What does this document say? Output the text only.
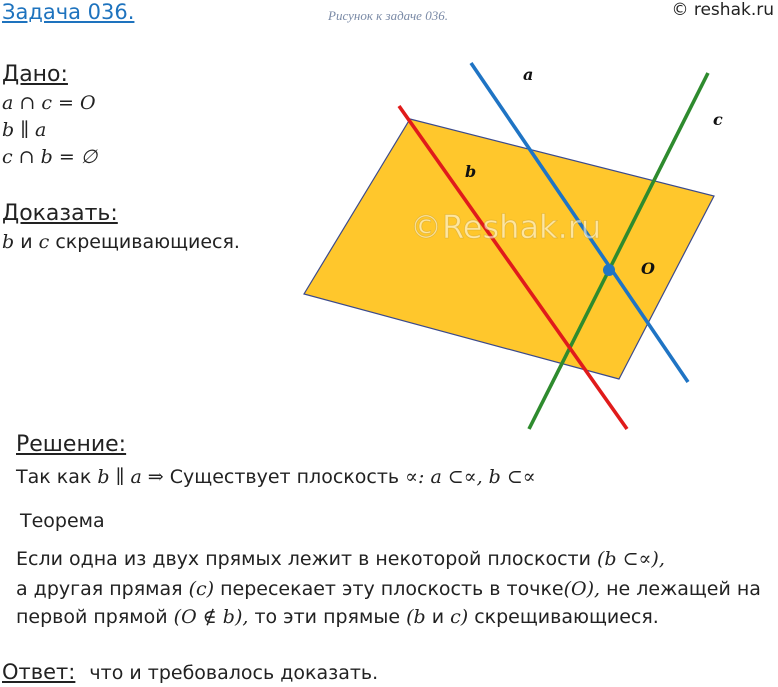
Задача 036.	Рисунок к задаче 036.	© reshak.ru
Дано:
a ∩ c = O
b ∥ a
c ∩ b = ∅
Доказать:
b и c скрещивающиеся.
a
b
c
O
©Reshak.ru
Решение:
Так как b ∥ a ⇒ Существует плоскость ∝: a ⊂∝, b ⊂∝
Теорема
Если одна из двух прямых лежит в некоторой плоскости (b ⊂∝),
а другая прямая (c) пересекает эту плоскость в точке(O), не лежащей на
первой прямой (O ∉ b), то эти прямые (b и c) скрещивающиеся.
Ответ: что и требовалось доказать.
